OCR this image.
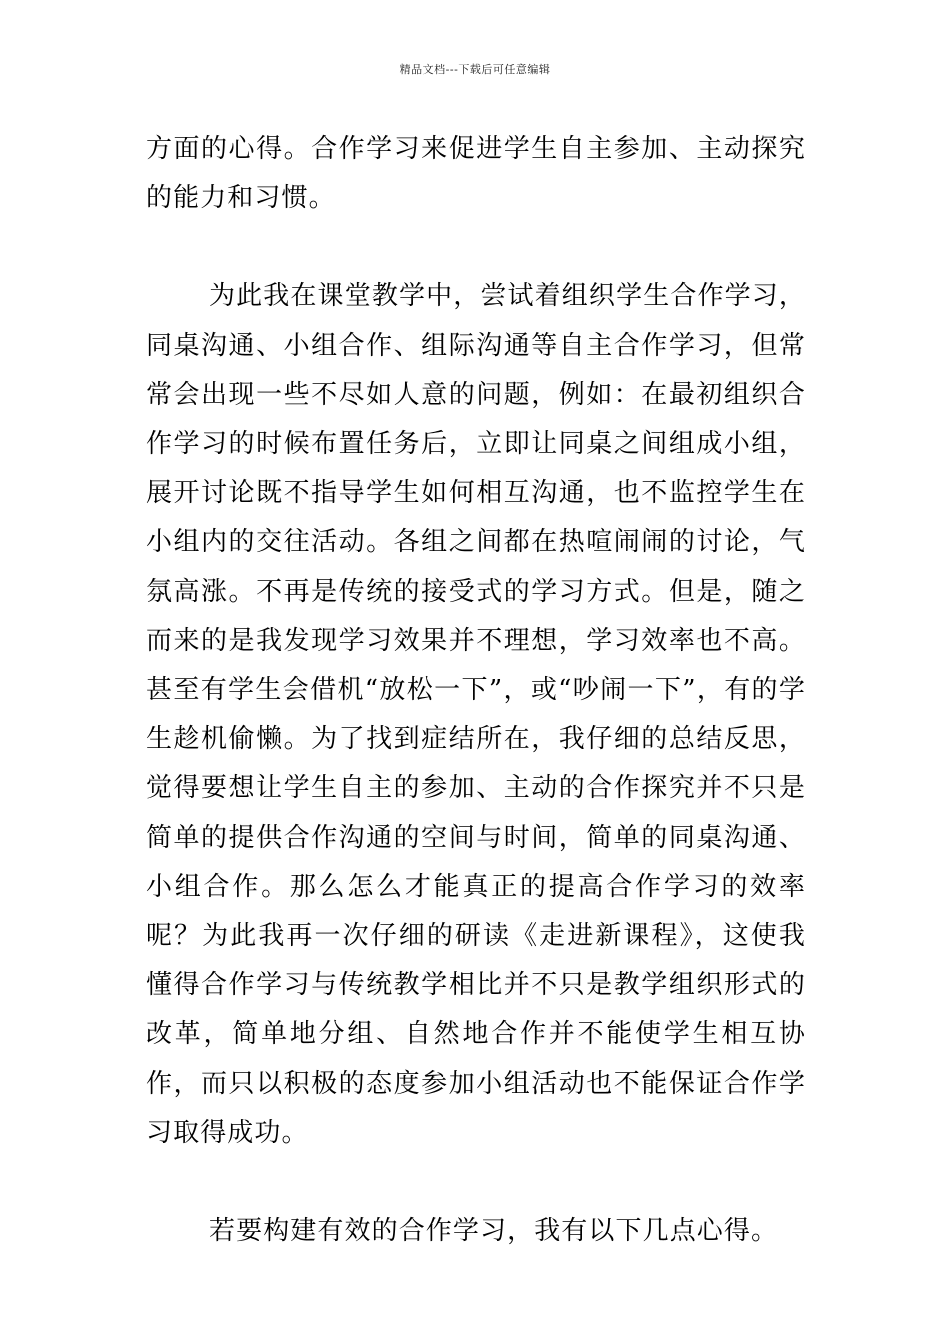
精品文档---下载后可任意编辑

方面的心得。合作学习来促进学生自主参加、主动探究的能力和习惯。

为此我在课堂教学中，尝试着组织学生合作学习，同桌沟通、小组合作、组际沟通等自主合作学习，但常常会出现一些不尽如人意的问题，例如：在最初组织合作学习的时候布置任务后，立即让同桌之间组成小组，展开讨论既不指导学生如何相互沟通，也不监控学生在小组内的交往活动。各组之间都在热喧闹闹的讨论，气氛高涨。不再是传统的接受式的学习方式。但是，随之而来的是我发现学习效果并不理想，学习效率也不高。甚至有学生会借机“放松一下”，或“吵闹一下”，有的学生趁机偷懒。为了找到症结所在，我仔细的总结反思，觉得要想让学生自主的参加、主动的合作探究并不只是简单的提供合作沟通的空间与时间，简单的同桌沟通、小组合作。那么怎么才能真正的提高合作学习的效率呢？为此我再一次仔细的研读《走进新课程》，这使我懂得合作学习与传统教学相比并不只是教学组织形式的改革，简单地分组、自然地合作并不能使学生相互协作，而只以积极的态度参加小组活动也不能保证合作学习取得成功。

若要构建有效的合作学习，我有以下几点心得。
